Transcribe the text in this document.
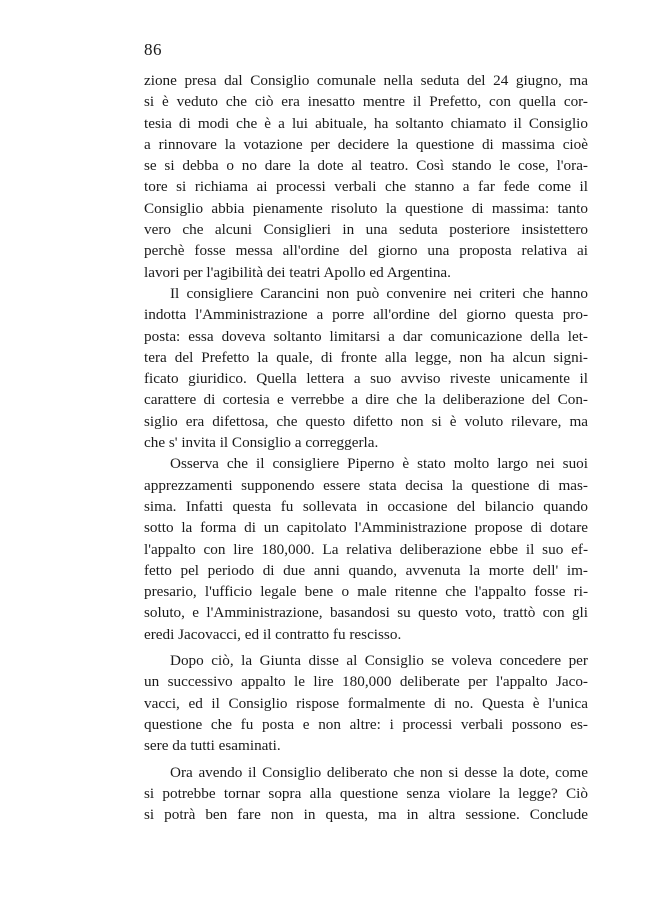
86
zione presa dal Consiglio comunale nella seduta del 24 giugno, ma
si è veduto che ciò era inesatto mentre il Prefetto, con quella cor-
tesia di modi che è a lui abituale, ha soltanto chiamato il Consiglio
a rinnovare la votazione per decidere la questione di massima cioè
se si debba o no dare la dote al teatro. Così stando le cose, l'ora-
tore si richiama ai processi verbali che stanno a far fede come il
Consiglio abbia pienamente risoluto la questione di massima: tanto
vero che alcuni Consiglieri in una seduta posteriore insistettero
perchè fosse messa all'ordine del giorno una proposta relativa ai
lavori per l'agibilità dei teatri Apollo ed Argentina.
Il consigliere Carancini non può convenire nei criteri che hanno
indotta l'Amministrazione a porre all'ordine del giorno questa pro-
posta: essa doveva soltanto limitarsi a dar comunicazione della let-
tera del Prefetto la quale, di fronte alla legge, non ha alcun signi-
ficato giuridico. Quella lettera a suo avviso riveste unicamente il
carattere di cortesia e verrebbe a dire che la deliberazione del Con-
siglio era difettosa, che questo difetto non si è voluto rilevare, ma
che s' invita il Consiglio a correggerla.
Osserva che il consigliere Piperno è stato molto largo nei suoi
apprezzamenti supponendo essere stata decisa la questione di mas-
sima. Infatti questa fu sollevata in occasione del bilancio quando
sotto la forma di un capitolato l'Amministrazione propose di dotare
l'appalto con lire 180,000. La relativa deliberazione ebbe il suo ef-
fetto pel periodo di due anni quando, avvenuta la morte dell' im-
presario, l'ufficio legale bene o male ritenne che l'appalto fosse ri-
soluto, e l'Amministrazione, basandosi su questo voto, trattò con gli
eredi Jacovacci, ed il contratto fu rescisso.
Dopo ciò, la Giunta disse al Consiglio se voleva concedere per
un successivo appalto le lire 180,000 deliberate per l'appalto Jaco-
vacci, ed il Consiglio rispose formalmente di no. Questa è l'unica
questione che fu posta e non altre: i processi verbali possono es-
sere da tutti esaminati.
Ora avendo il Consiglio deliberato che non si desse la dote, come
si potrebbe tornar sopra alla questione senza violare la legge? Ciò
si potrà ben fare non in questa, ma in altra sessione. Conclude
